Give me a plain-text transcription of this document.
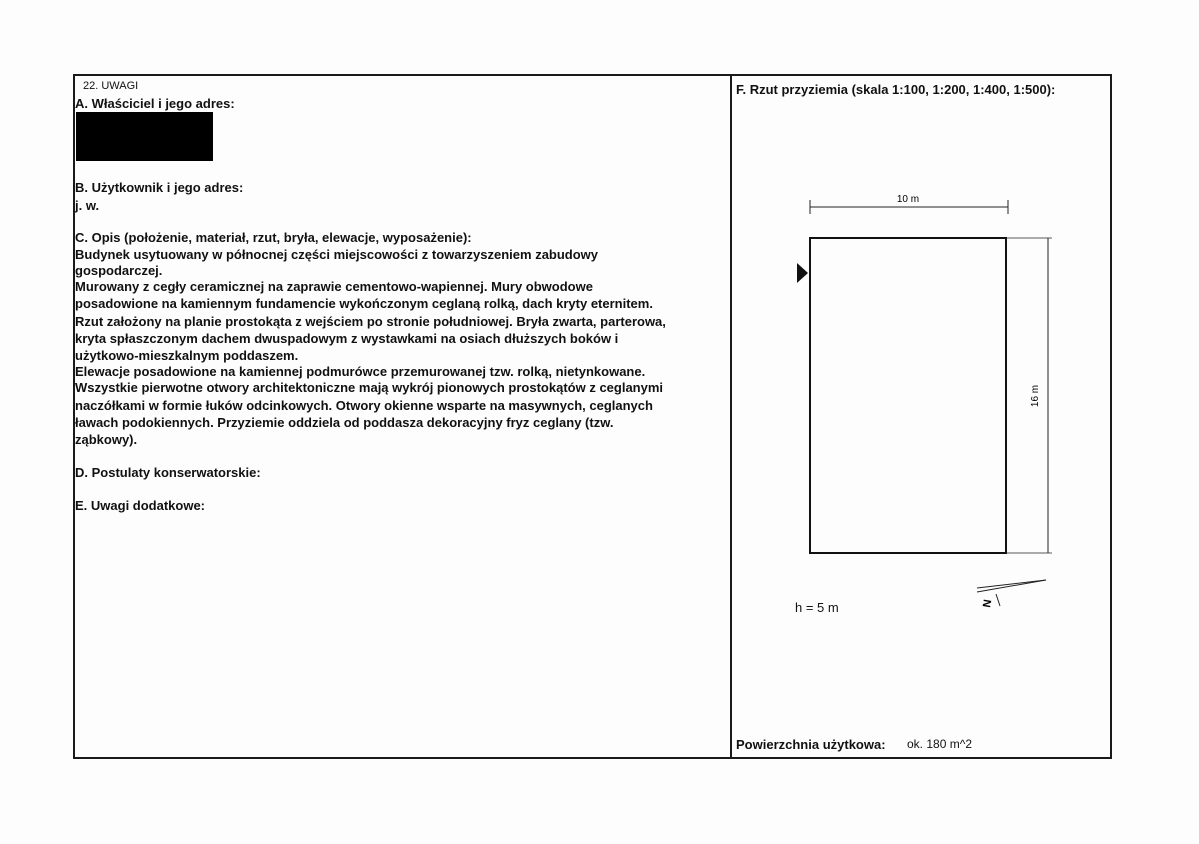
22. UWAGI
A. Właściciel i jego adres:
B. Użytkownik i jego adres:
j. w.
C. Opis (położenie, materiał, rzut, bryła, elewacje, wyposażenie):
Budynek usytuowany w północnej części miejscowości z towarzyszeniem zabudowy
gospodarczej.
Murowany z cegły ceramicznej na zaprawie cementowo-wapiennej. Mury obwodowe
posadowione na kamiennym fundamencie wykończonym ceglaną rolką, dach kryty eternitem.
Rzut założony na planie prostokąta z wejściem po stronie południowej. Bryła zwarta, parterowa,
kryta spłaszczonym dachem dwuspadowym z wystawkami na osiach dłuższych boków i
użytkowo-mieszkalnym poddaszem.
Elewacje posadowione na kamiennej podmurówce przemurowanej tzw. rolką, nietynkowane.
Wszystkie pierwotne otwory architektoniczne mają wykrój pionowych prostokątów z ceglanymi
naczółkami w formie łuków odcinkowych. Otwory okienne wsparte na masywnych, ceglanych
ławach podokiennych. Przyziemie oddziela od poddasza dekoracyjny fryz ceglany (tzw.
ząbkowy).
D. Postulaty konserwatorskie:
E. Uwagi dodatkowe:
F. Rzut przyziemia (skala 1:100, 1:200, 1:400, 1:500):
10 m
16 m
N
h = 5 m
Powierzchnia użytkowa: ok. 180 m^2
